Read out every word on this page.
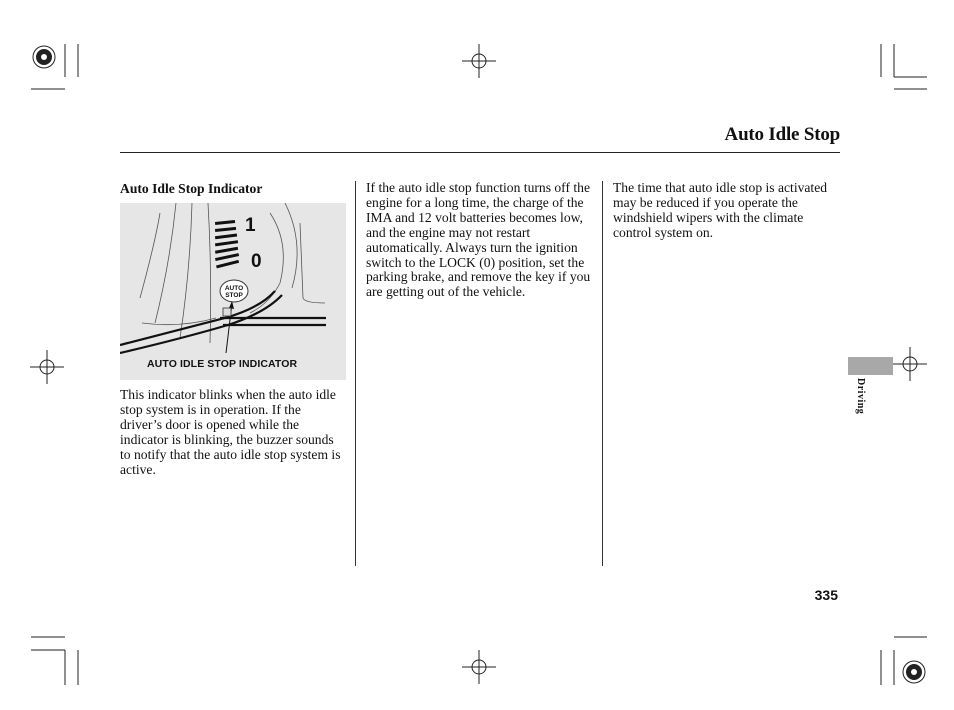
Auto Idle Stop
Auto Idle Stop Indicator
1
0
AUTO
STOP
AUTO IDLE STOP INDICATOR
This indicator blinks when the auto idle stop system is in operation. If the driver’s door is opened while the indicator is blinking, the buzzer sounds to notify that the auto idle stop system is active.
If the auto idle stop function turns off the engine for a long time, the charge of the IMA and 12 volt batteries becomes low, and the engine may not restart automatically. Always turn the ignition switch to the LOCK (0) position, set the parking brake, and remove the key if you are getting out of the vehicle.
The time that auto idle stop is activated may be reduced if you operate the windshield wipers with the climate control system on.
Driving
335
